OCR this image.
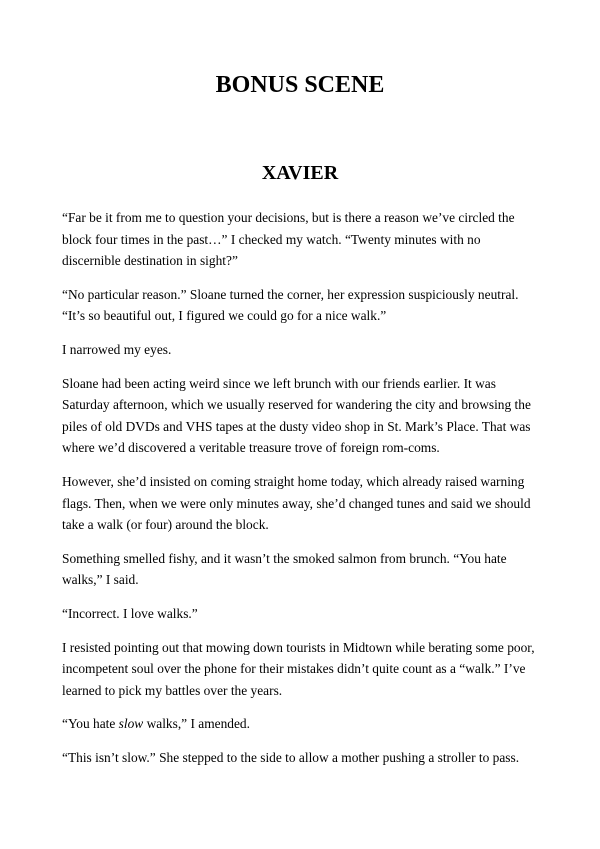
BONUS SCENE
XAVIER

“Far be it from me to question your decisions, but is there a reason we’ve circled the block four times in the past…” I checked my watch. “Twenty minutes with no discernible destination in sight?”

“No particular reason.” Sloane turned the corner, her expression suspiciously neutral. “It’s so beautiful out, I figured we could go for a nice walk.”

I narrowed my eyes.

Sloane had been acting weird since we left brunch with our friends earlier. It was Saturday afternoon, which we usually reserved for wandering the city and browsing the piles of old DVDs and VHS tapes at the dusty video shop in St. Mark’s Place. That was where we’d discovered a veritable treasure trove of foreign rom-coms.

However, she’d insisted on coming straight home today, which already raised warning flags. Then, when we were only minutes away, she’d changed tunes and said we should take a walk (or four) around the block.

Something smelled fishy, and it wasn’t the smoked salmon from brunch. “You hate walks,” I said.

“Incorrect. I love walks.”

I resisted pointing out that mowing down tourists in Midtown while berating some poor, incompetent soul over the phone for their mistakes didn’t quite count as a “walk.” I’ve learned to pick my battles over the years.

“You hate slow walks,” I amended.

“This isn’t slow.” She stepped to the side to allow a mother pushing a stroller to pass.
